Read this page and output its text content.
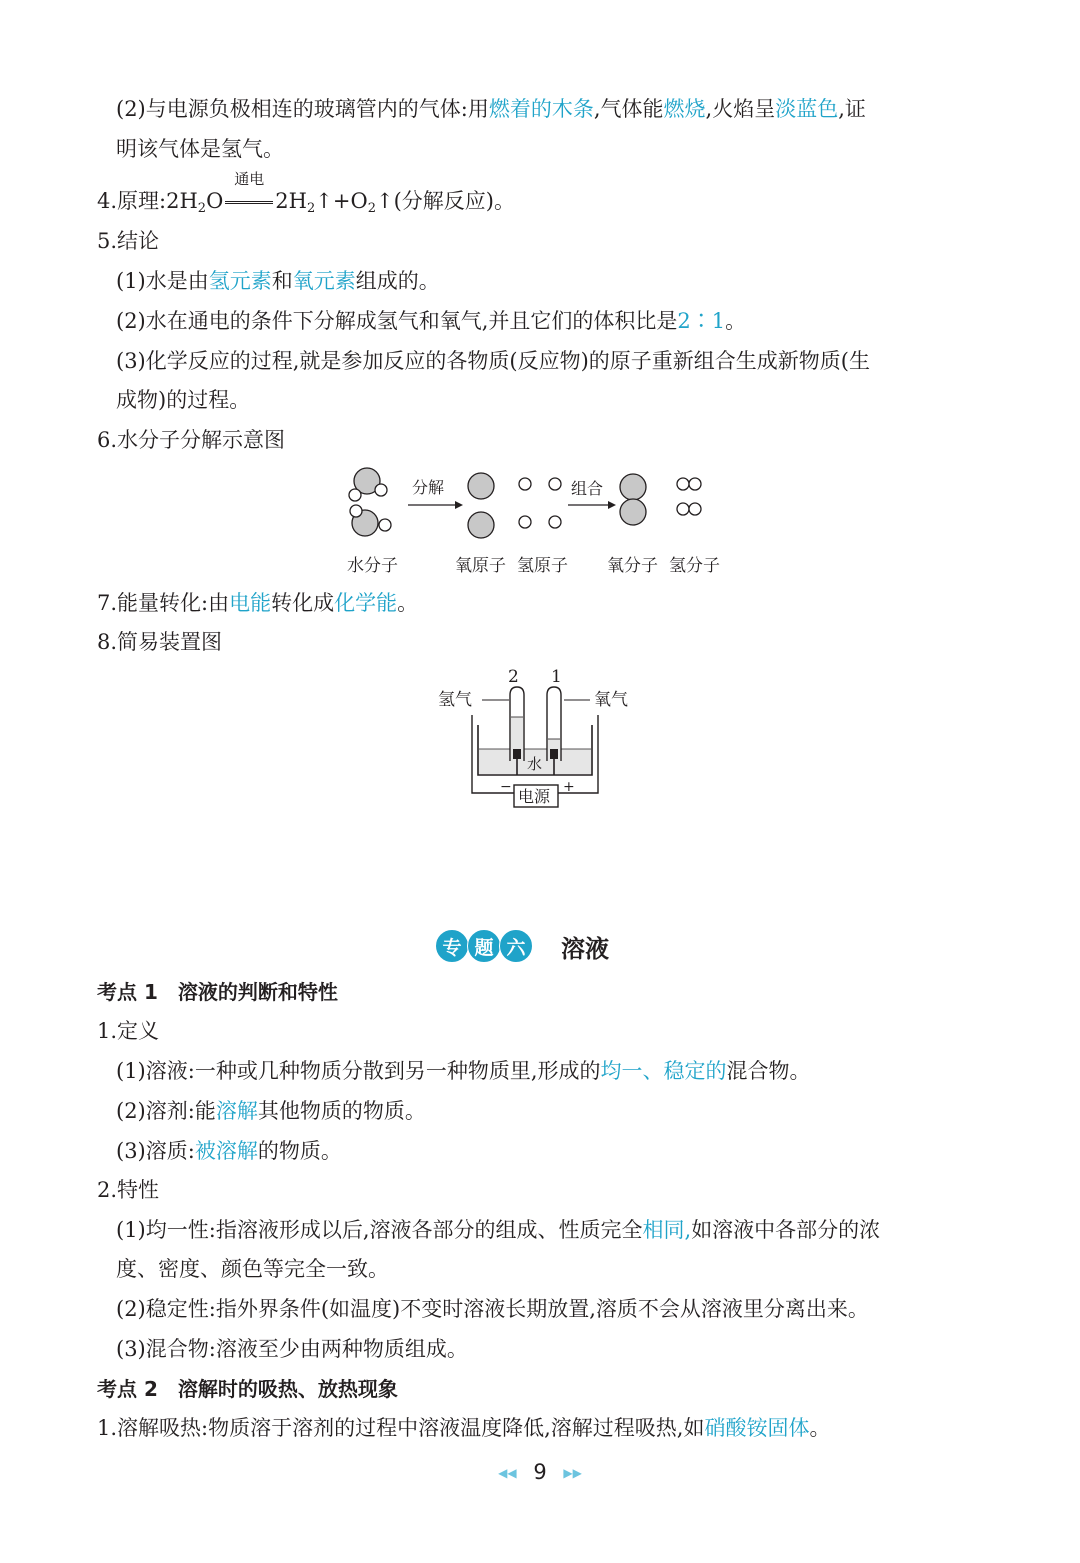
(2)与电源负极相连的玻璃管内的气体:用燃着的木条,气体能燃烧,火焰呈淡蓝色,证
明该气体是氢气。
4.原理$:2H_2O$
通电
$2H_2↑+O_2↑$(分解反应)。
5.结论
(1)水是由氢元素和氧元素组成的。
(2)水在通电的条件下分解成氢气和氧气,并且它们的体积比是2∶1。
(3)化学反应的过程,就是参加反应的各物质(反应物)的原子重新组合生成新物质(生
成物)的过程。
6.水分子分解示意图
分解	组合
水分子	氧原子 氢原子 氧分子 氢分子
7.能量转化:由电能转化成化学能。
8.简易装置图
2 1
氢气	氧气
水
电源
−	+
专 题 六	溶液
考点 1　溶液的判断和特性
1.定义
(1)溶液:一种或几种物质分散到另一种物质里,形成的均一、稳定的混合物。
(2)溶剂:能溶解其他物质的物质。
(3)溶质:被溶解的物质。
2.特性
(1)均一性:指溶液形成以后,溶液各部分的组成、性质完全相同,如溶液中各部分的浓
度、密度、颜色等完全一致。
(2)稳定性:指外界条件(如温度)不变时溶液长期放置,溶质不会从溶液里分离出来。
(3)混合物:溶液至少由两种物质组成。
考点 2　溶解时的吸热、放热现象
1.溶解吸热:物质溶于溶剂的过程中溶液温度降低,溶解过程吸热,如硝酸铵固体。
◀◀ 9 ▶▶
